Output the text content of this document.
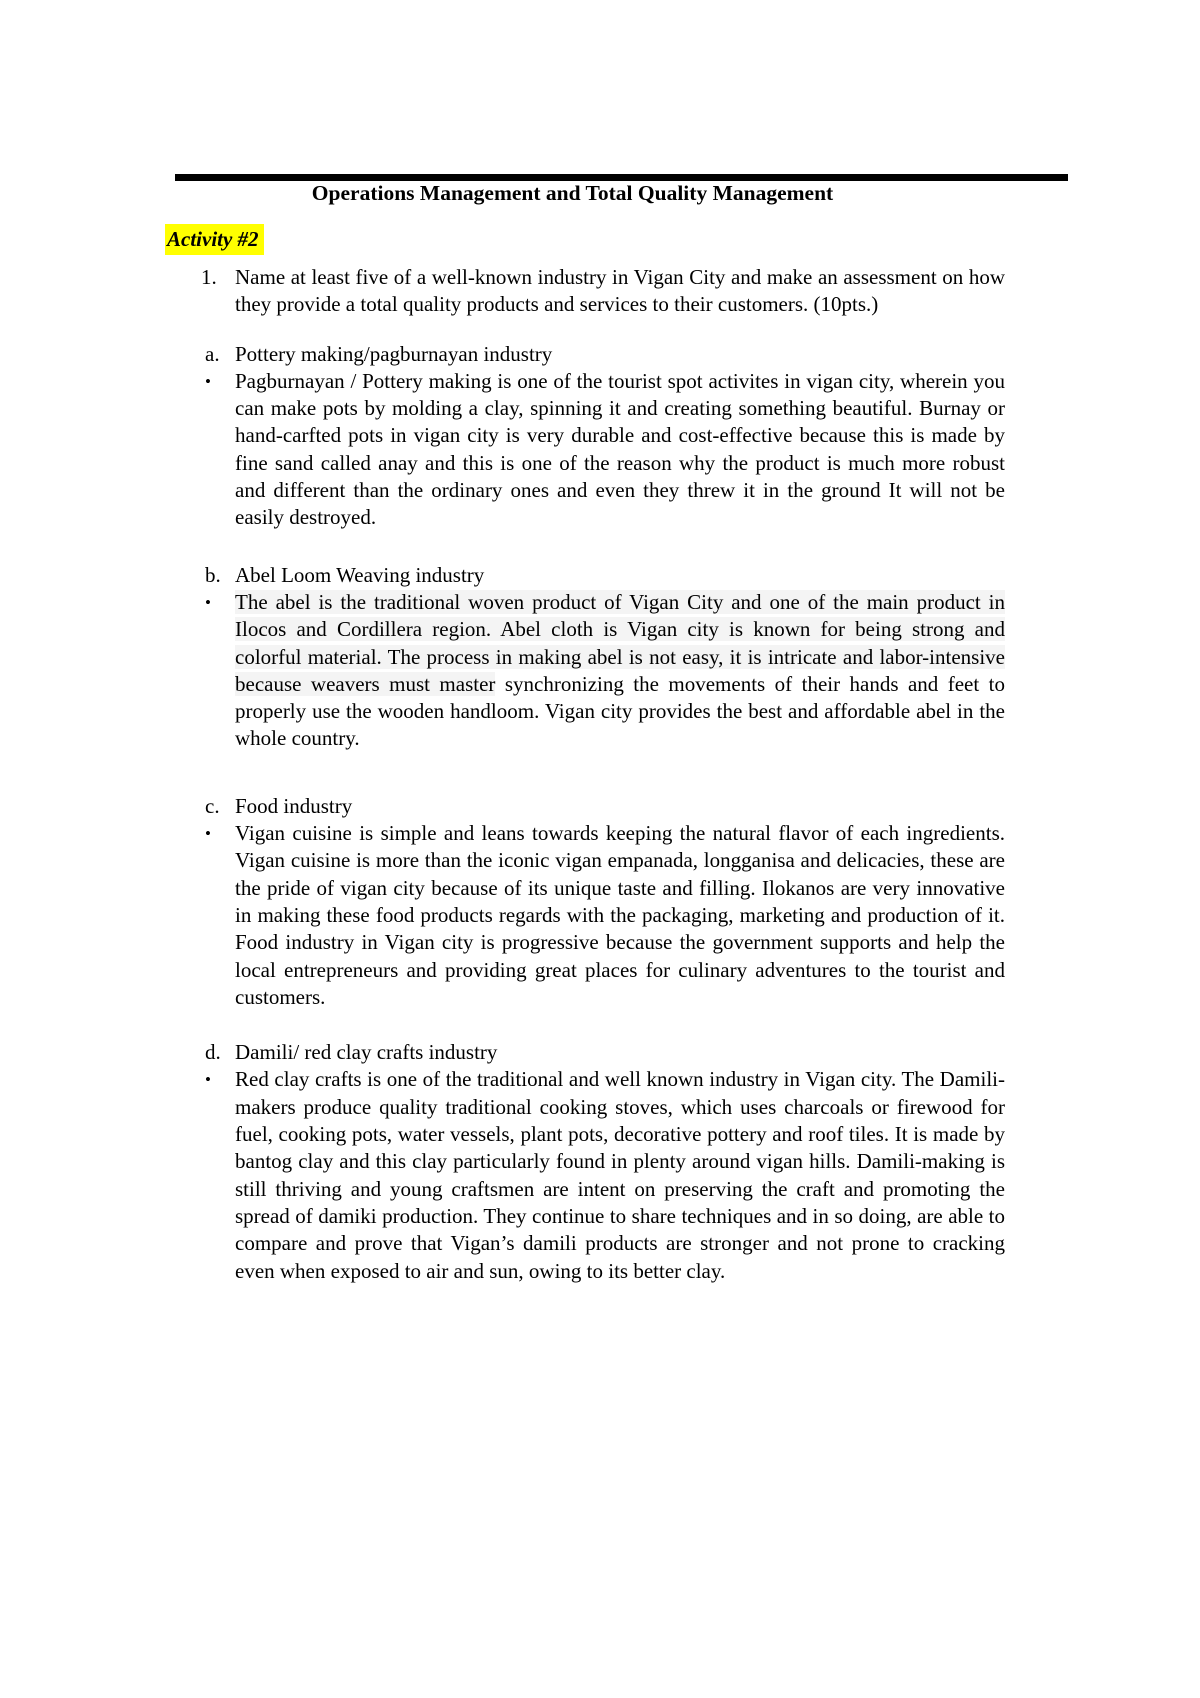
Operations Management and Total Quality Management
Activity #2
1. Name at least five of a well-known industry in Vigan City and make an assessment on how they provide a total quality products and services to their customers. (10pts.)

a. Pottery making/pagburnayan industry

•	Pagburnayan / Pottery making is one of the tourist spot activites in vigan city, wherein you can make pots by molding a clay, spinning it and creating something beautiful. Burnay or hand-carfted pots in vigan city is very durable and cost-effective because this is made by fine sand called anay and this is one of the reason why the product is much more robust and different than the ordinary ones and even they threw it in the ground It will not be easily destroyed.

b. Abel Loom Weaving industry

•	The abel is the traditional woven product of Vigan City and one of the main product in Ilocos and Cordillera region. Abel cloth is Vigan city is known for being strong and colorful material. The process in making abel is not easy, it is intricate and labor-intensive because weavers must master synchronizing the movements of their hands and feet to properly use the wooden handloom. Vigan city provides the best and affordable abel in the whole country.

c. Food industry

•	Vigan cuisine is simple and leans towards keeping the natural flavor of each ingredients. Vigan cuisine is more than the iconic vigan empanada, longganisa and delicacies, these are the pride of vigan city because of its unique taste and filling. Ilokanos are very innovative in making these food products regards with the packaging, marketing and production of it. Food industry in Vigan city is progressive because the government supports and help the local entrepreneurs and providing great places for culinary adventures to the tourist and customers.

d. Damili/ red clay crafts industry

•	Red clay crafts is one of the traditional and well known industry in Vigan city. The Damili-makers produce quality traditional cooking stoves, which uses charcoals or firewood for fuel, cooking pots, water vessels, plant pots, decorative pottery and roof tiles. It is made by bantog clay and this clay particularly found in plenty around vigan hills. Damili-making is still thriving and young craftsmen are intent on preserving the craft and promoting the spread of damiki production. They continue to share techniques and in so doing, are able to compare and prove that Vigan’s damili products are stronger and not prone to cracking even when exposed to air and sun, owing to its better clay.
